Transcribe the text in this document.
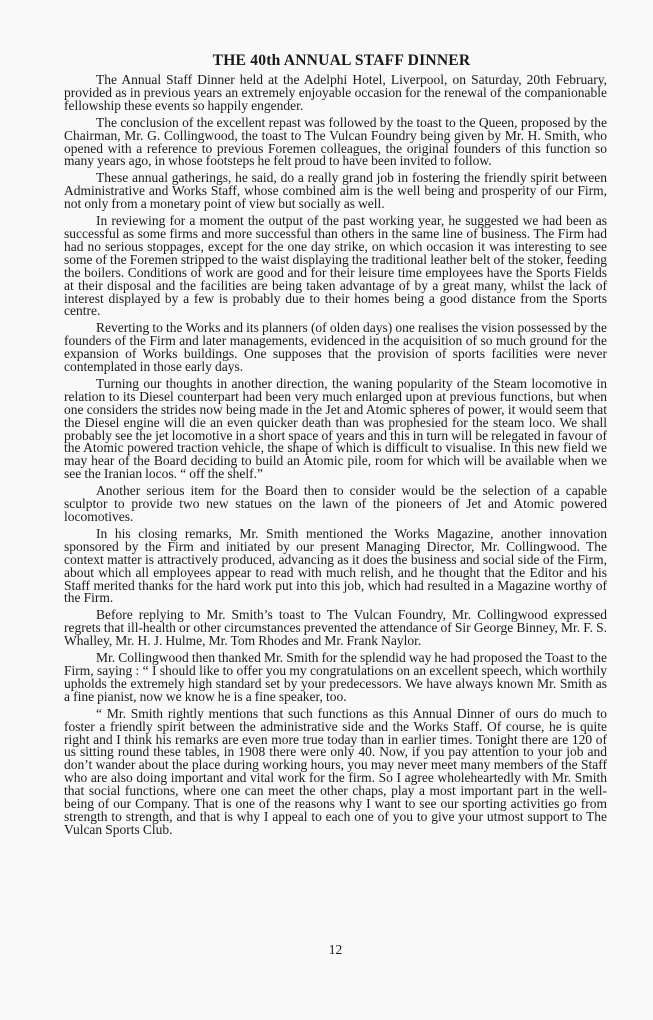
THE 40th ANNUAL STAFF DINNER

The Annual Staff Dinner held at the Adelphi Hotel, Liverpool, on Saturday, 20th February, provided as in previous years an extremely enjoyable occasion for the renewal of the companionable fellowship these events so happily engender.

The conclusion of the excellent repast was followed by the toast to the Queen, proposed by the Chairman, Mr. G. Collingwood, the toast to The Vulcan Foundry being given by Mr. H. Smith, who opened with a reference to previous Foremen colleagues, the original founders of this function so many years ago, in whose footsteps he felt proud to have been invited to follow.

These annual gatherings, he said, do a really grand job in fostering the friendly spirit between Administrative and Works Staff, whose combined aim is the well being and prosperity of our Firm, not only from a monetary point of view but socially as well.

In reviewing for a moment the output of the past working year, he suggested we had been as successful as some firms and more successful than others in the same line of business. The Firm had had no serious stoppages, except for the one day strike, on which occasion it was interesting to see some of the Foremen stripped to the waist displaying the traditional leather belt of the stoker, feeding the boilers. Conditions of work are good and for their leisure time employees have the Sports Fields at their disposal and the facilities are being taken advantage of by a great many, whilst the lack of interest displayed by a few is probably due to their homes being a good distance from the Sports centre.

Reverting to the Works and its planners (of olden days) one realises the vision possessed by the founders of the Firm and later managements, evidenced in the acquisition of so much ground for the expansion of Works buildings. One supposes that the provision of sports facilities were never contemplated in those early days.

Turning our thoughts in another direction, the waning popularity of the Steam locomotive in relation to its Diesel counterpart had been very much enlarged upon at previous functions, but when one considers the strides now being made in the Jet and Atomic spheres of power, it would seem that the Diesel engine will die an even quicker death than was prophesied for the steam loco. We shall probably see the jet locomotive in a short space of years and this in turn will be relegated in favour of the Atomic powered traction vehicle, the shape of which is difficult to visualise. In this new field we may hear of the Board deciding to build an Atomic pile, room for which will be available when we see the Iranian locos. “ off the shelf.”

Another serious item for the Board then to consider would be the selection of a capable sculptor to provide two new statues on the lawn of the pioneers of Jet and Atomic powered locomotives.

In his closing remarks, Mr. Smith mentioned the Works Magazine, another innovation sponsored by the Firm and initiated by our present Managing Director, Mr. Collingwood. The context matter is attractively produced, advancing as it does the business and social side of the Firm, about which all employees appear to read with much relish, and he thought that the Editor and his Staff merited thanks for the hard work put into this job, which had resulted in a Magazine worthy of the Firm.

Before replying to Mr. Smith’s toast to The Vulcan Foundry, Mr. Collingwood expressed regrets that ill-health or other circumstances prevented the attendance of Sir George Binney, Mr. F. S. Whalley, Mr. H. J. Hulme, Mr. Tom Rhodes and Mr. Frank Naylor.

Mr. Collingwood then thanked Mr. Smith for the splendid way he had proposed the Toast to the Firm, saying : “ I should like to offer you my congratulations on an excellent speech, which worthily upholds the extremely high standard set by your predecessors. We have always known Mr. Smith as a fine pianist, now we know he is a fine speaker, too.

“ Mr. Smith rightly mentions that such functions as this Annual Dinner of ours do much to foster a friendly spirit between the administrative side and the Works Staff. Of course, he is quite right and I think his remarks are even more true today than in earlier times. Tonight there are 120 of us sitting round these tables, in 1908 there were only 40. Now, if you pay attention to your job and don’t wander about the place during working hours, you may never meet many members of the Staff who are also doing important and vital work for the firm. So I agree wholeheartedly with Mr. Smith that social functions, where one can meet the other chaps, play a most important part in the well-being of our Company. That is one of the reasons why I want to see our sporting activities go from strength to strength, and that is why I appeal to each one of you to give your utmost support to The Vulcan Sports Club.

12
